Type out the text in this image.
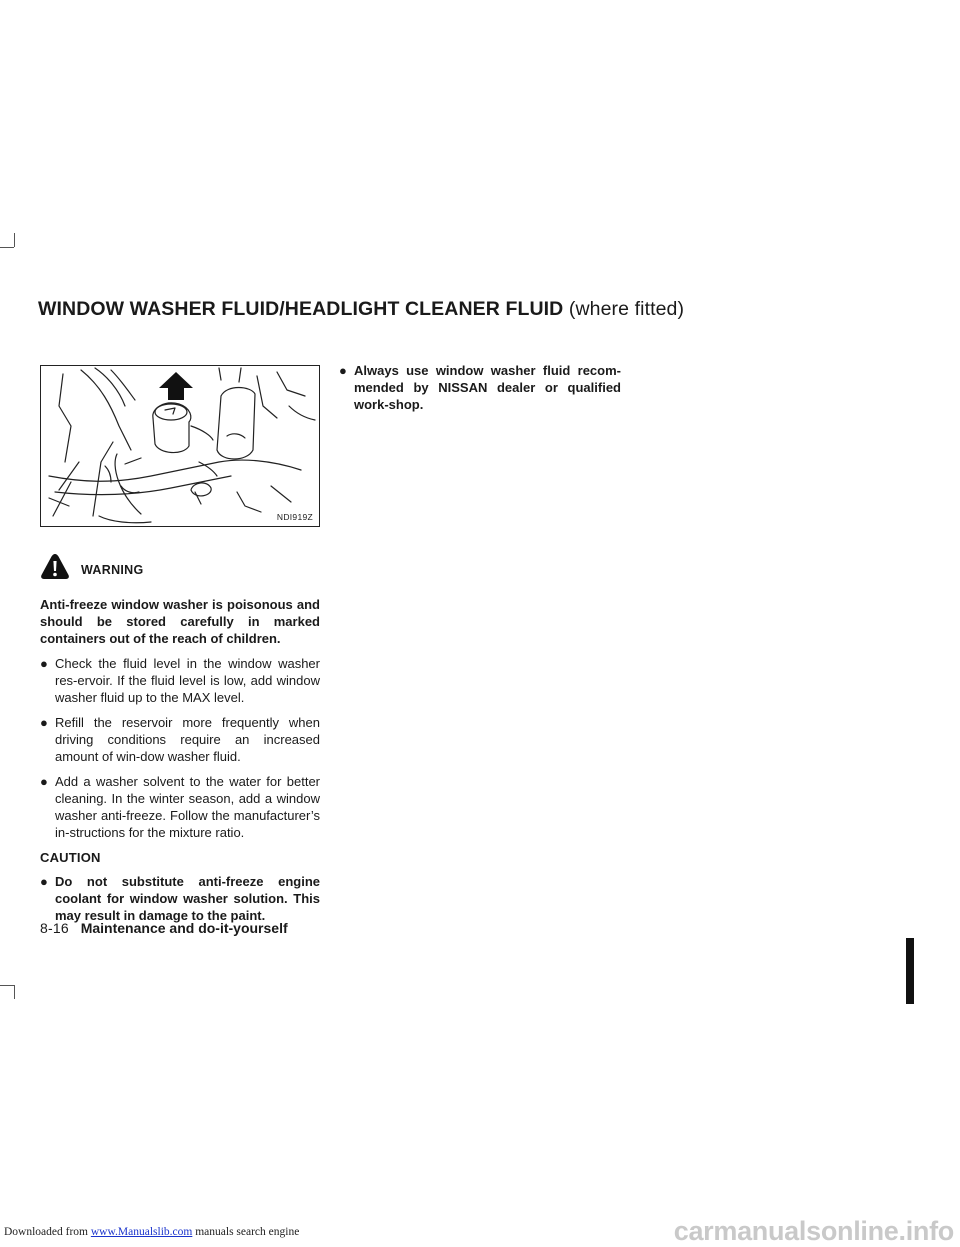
WINDOW WASHER FLUID/HEADLIGHT CLEANER FLUID (where fitted)
NDI919Z
WARNING

Anti-freeze window washer is poisonous and should be stored carefully in marked containers out of the reach of children.

● Check the fluid level in the window washer res-ervoir. If the fluid level is low, add window washer fluid up to the MAX level.

● Refill the reservoir more frequently when driving conditions require an increased amount of win-dow washer fluid.

● Add a washer solvent to the water for better cleaning. In the winter season, add a window washer anti-freeze. Follow the manufacturer’s in-structions for the mixture ratio.

CAUTION

● Do not substitute anti-freeze engine coolant for window washer solution. This may result in damage to the paint.

● Always use window washer fluid recom-mended by NISSAN dealer or qualified work-shop.

8-16 Maintenance and do-it-yourself
Downloaded from www.Manualslib.com manuals search engine	carmanualsonline.info
